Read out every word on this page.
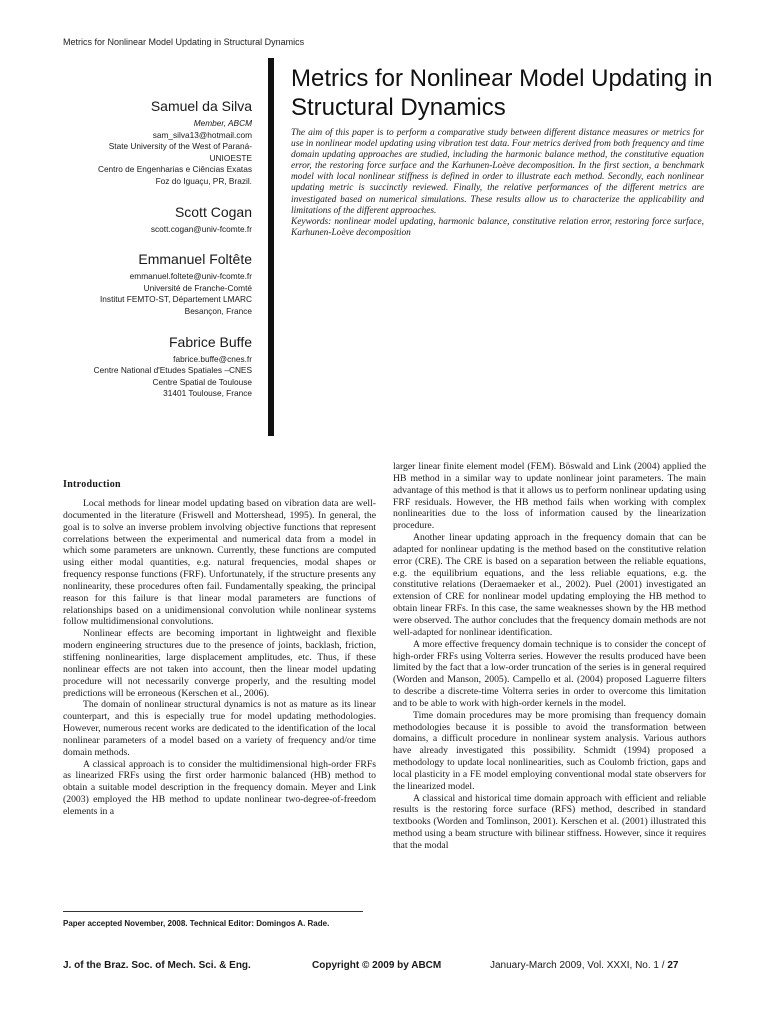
Metrics for Nonlinear Model Updating in Structural Dynamics
Samuel da Silva
Member, ABCM
sam_silva13@hotmail.com
State University of the West of Paraná-
UNIOESTE
Centro de Engenharias e Ciências Exatas
Foz do Iguaçu, PR, Brazil.
Scott Cogan
scott.cogan@univ-fcomte.fr
Emmanuel Foltête
emmanuel.foltete@univ-fcomte.fr
Université de Franche-Comté
Institut FEMTO-ST, Département LMARC
Besançon, France
Fabrice Buffe
fabrice.buffe@cnes.fr
Centre National d'Etudes Spatiales –CNES
Centre Spatial de Toulouse
31401 Toulouse, France
Metrics for Nonlinear Model Updating in Structural Dynamics

The aim of this paper is to perform a comparative study between different distance measures or metrics for use in nonlinear model updating using vibration test data. Four metrics derived from both frequency and time domain updating approaches are studied, including the harmonic balance method, the constitutive equation error, the restoring force surface and the Karhunen-Loève decomposition. In the first section, a benchmark model with local nonlinear stiffness is defined in order to illustrate each method. Secondly, each nonlinear updating metric is succinctly reviewed. Finally, the relative performances of the different metrics are investigated based on numerical simulations. These results allow us to characterize the applicability and limitations of the different approaches.

Keywords: nonlinear model updating, harmonic balance, constitutive relation error, restoring force surface, Karhunen-Loève decomposition

Introduction

Local methods for linear model updating based on vibration data are well-documented in the literature (Friswell and Mottershead, 1995). In general, the goal is to solve an inverse problem involving objective functions that represent correlations between the experimental and numerical data from a model in which some parameters are unknown. Currently, these functions are computed using either modal quantities, e.g. natural frequencies, modal shapes or frequency response functions (FRF). Unfortunately, if the structure presents any nonlinearity, these procedures often fail. Fundamentally speaking, the principal reason for this failure is that linear modal parameters are functions of relationships based on a unidimensional convolution while nonlinear systems follow multidimensional convolutions.

Nonlinear effects are becoming important in lightweight and flexible modern engineering structures due to the presence of joints, backlash, friction, stiffening nonlinearities, large displacement amplitudes, etc. Thus, if these nonlinear effects are not taken into account, then the linear model updating procedure will not necessarily converge properly, and the resulting model predictions will be erroneous (Kerschen et al., 2006).

The domain of nonlinear structural dynamics is not as mature as its linear counterpart, and this is especially true for model updating methodologies. However, numerous recent works are dedicated to the identification of the local nonlinear parameters of a model based on a variety of frequency and/or time domain methods.

A classical approach is to consider the multidimensional high-order FRFs as linearized FRFs using the first order harmonic balanced (HB) method to obtain a suitable model description in the frequency domain. Meyer and Link (2003) employed the HB method to update nonlinear two-degree-of-freedom elements in a

larger linear finite element model (FEM). Böswald and Link (2004) applied the HB method in a similar way to update nonlinear joint parameters. The main advantage of this method is that it allows us to perform nonlinear updating using FRF residuals. However, the HB method fails when working with complex nonlinearities due to the loss of information caused by the linearization procedure.

Another linear updating approach in the frequency domain that can be adapted for nonlinear updating is the method based on the constitutive relation error (CRE). The CRE is based on a separation between the reliable equations, e.g. the equilibrium equations, and the less reliable equations, e.g. the constitutive relations (Deraemaeker et al., 2002). Puel (2001) investigated an extension of CRE for nonlinear model updating employing the HB method to obtain linear FRFs. In this case, the same weaknesses shown by the HB method were observed. The author concludes that the frequency domain methods are not well-adapted for nonlinear identification.

A more effective frequency domain technique is to consider the concept of high-order FRFs using Volterra series. However the results produced have been limited by the fact that a low-order truncation of the series is in general required (Worden and Manson, 2005). Campello et al. (2004) proposed Laguerre filters to describe a discrete-time Volterra series in order to overcome this limitation and to be able to work with high-order kernels in the model.

Time domain procedures may be more promising than frequency domain methodologies because it is possible to avoid the transformation between domains, a difficult procedure in nonlinear system analysis. Various authors have already investigated this possibility. Schmidt (1994) proposed a methodology to update local nonlinearities, such as Coulomb friction, gaps and local plasticity in a FE model employing conventional modal state observers for the linearized model.

A classical and historical time domain approach with efficient and reliable results is the restoring force surface (RFS) method, described in standard textbooks (Worden and Tomlinson, 2001). Kerschen et al. (2001) illustrated this method using a beam structure with bilinear stiffness. However, since it requires that the modal

Paper accepted November, 2008. Technical Editor: Domingos A. Rade.
J. of the Braz. Soc. of Mech. Sci. & Eng.	Copyright © 2009 by ABCM	January-March 2009, Vol. XXXI, No. 1 / 27
